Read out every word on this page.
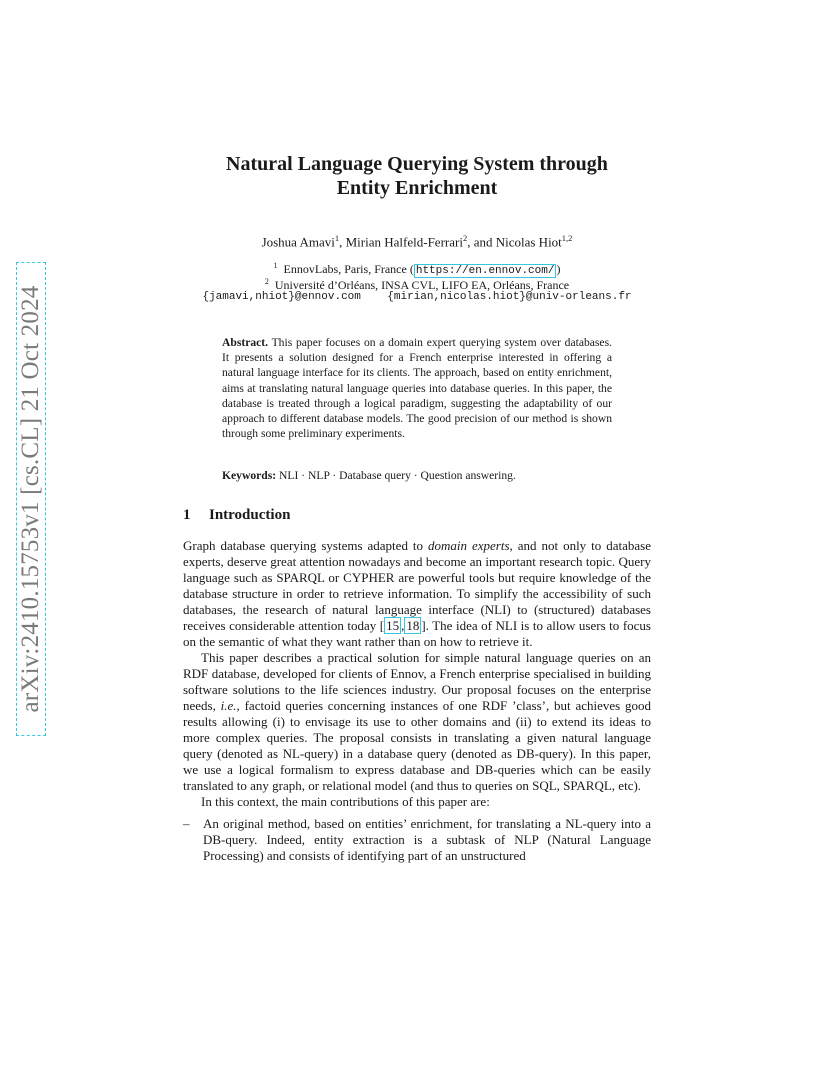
arXiv:2410.15753v1 [cs.CL] 21 Oct 2024
Natural Language Querying System through
Entity Enrichment
Joshua Amavi$^1$, Mirian Halfeld-Ferrari$^2$, and Nicolas Hiot$^{1,2}$
$^1$ EnnovLabs, Paris, France ( https://en.ennov.com/ )
$^2$ Université d’Orléans, INSA CVL, LIFO EA, Orléans, France
{jamavi,nhiot}@ennov.com    {mirian,nicolas.hiot}@univ-orleans.fr
Abstract. This paper focuses on a domain expert querying system over databases. It presents a solution designed for a French enterprise interested in offering a natural language interface for its clients. The approach, based on entity enrichment, aims at translating natural language queries into database queries. In this paper, the database is treated through a logical paradigm, suggesting the adaptability of our approach to different database models. The good precision of our method is shown through some preliminary experiments.
Keywords: NLI · NLP · Database query · Question answering.
1 Introduction

Graph database querying systems adapted to domain experts, and not only to database experts, deserve great attention nowadays and become an important research topic. Query language such as SPARQL or CYPHER are powerful tools but require knowledge of the database structure in order to retrieve information. To simplify the accessibility of such databases, the research of natural language interface (NLI) to (structured) databases receives considerable attention today [ 15 , 18 ]. The idea of NLI is to allow users to focus on the semantic of what they want rather than on how to retrieve it.

This paper describes a practical solution for simple natural language queries on an RDF database, developed for clients of Ennov, a French enterprise specialised in building software solutions to the life sciences industry. Our proposal focuses on the enterprise needs, i.e., factoid queries concerning instances of one RDF ’class’, but achieves good results allowing (i) to envisage its use to other domains and (ii) to extend its ideas to more complex queries. The proposal consists in translating a given natural language query (denoted as NL-query) in a database query (denoted as DB-query). In this paper, we use a logical formalism to express database and DB-queries which can be easily translated to any graph, or relational model (and thus to queries on SQL, SPARQL, etc).

In this context, the main contributions of this paper are:

– An original method, based on entities’ enrichment, for translating a NL-query into a DB-query. Indeed, entity extraction is a subtask of NLP (Natural Language Processing) and consists of identifying part of an unstructured
